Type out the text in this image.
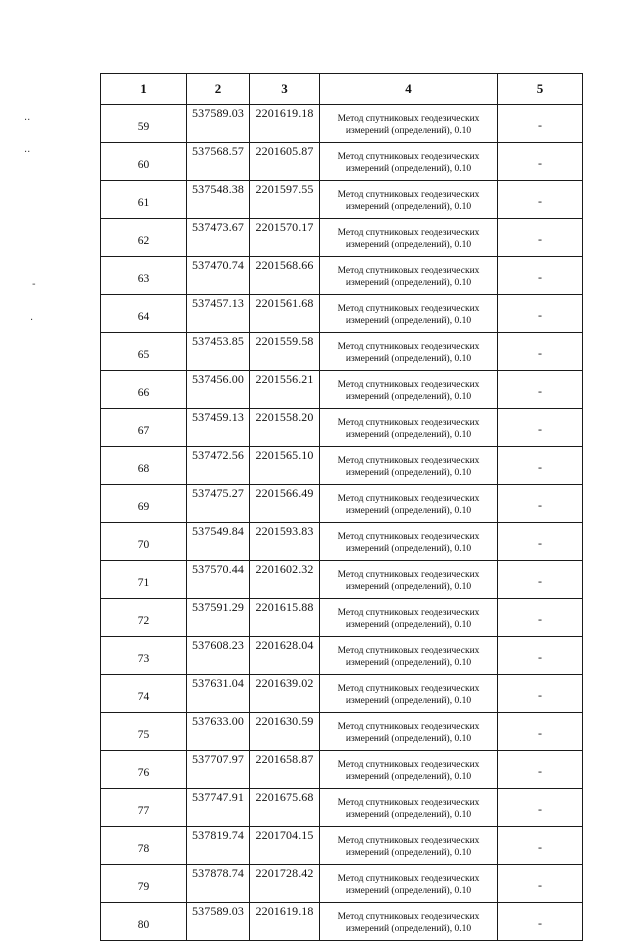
··
··
-
·
1	2	3	4	5
59	537589.03	2201619.18	Метод спутниковых геодезических измерений (определений), 0.10	-
60	537568.57	2201605.87	Метод спутниковых геодезических измерений (определений), 0.10	-
61	537548.38	2201597.55	Метод спутниковых геодезических измерений (определений), 0.10	-
62	537473.67	2201570.17	Метод спутниковых геодезических измерений (определений), 0.10	-
63	537470.74	2201568.66	Метод спутниковых геодезических измерений (определений), 0.10	-
64	537457.13	2201561.68	Метод спутниковых геодезических измерений (определений), 0.10	-
65	537453.85	2201559.58	Метод спутниковых геодезических измерений (определений), 0.10	-
66	537456.00	2201556.21	Метод спутниковых геодезических измерений (определений), 0.10	-
67	537459.13	2201558.20	Метод спутниковых геодезических измерений (определений), 0.10	-
68	537472.56	2201565.10	Метод спутниковых геодезических измерений (определений), 0.10	-
69	537475.27	2201566.49	Метод спутниковых геодезических измерений (определений), 0.10	-
70	537549.84	2201593.83	Метод спутниковых геодезических измерений (определений), 0.10	-
71	537570.44	2201602.32	Метод спутниковых геодезических измерений (определений), 0.10	-
72	537591.29	2201615.88	Метод спутниковых геодезических измерений (определений), 0.10	-
73	537608.23	2201628.04	Метод спутниковых геодезических измерений (определений), 0.10	-
74	537631.04	2201639.02	Метод спутниковых геодезических измерений (определений), 0.10	-
75	537633.00	2201630.59	Метод спутниковых геодезических измерений (определений), 0.10	-
76	537707.97	2201658.87	Метод спутниковых геодезических измерений (определений), 0.10	-
77	537747.91	2201675.68	Метод спутниковых геодезических измерений (определений), 0.10	-
78	537819.74	2201704.15	Метод спутниковых геодезических измерений (определений), 0.10	-
79	537878.74	2201728.42	Метод спутниковых геодезических измерений (определений), 0.10	-
80	537589.03	2201619.18	Метод спутниковых геодезических измерений (определений), 0.10	-
